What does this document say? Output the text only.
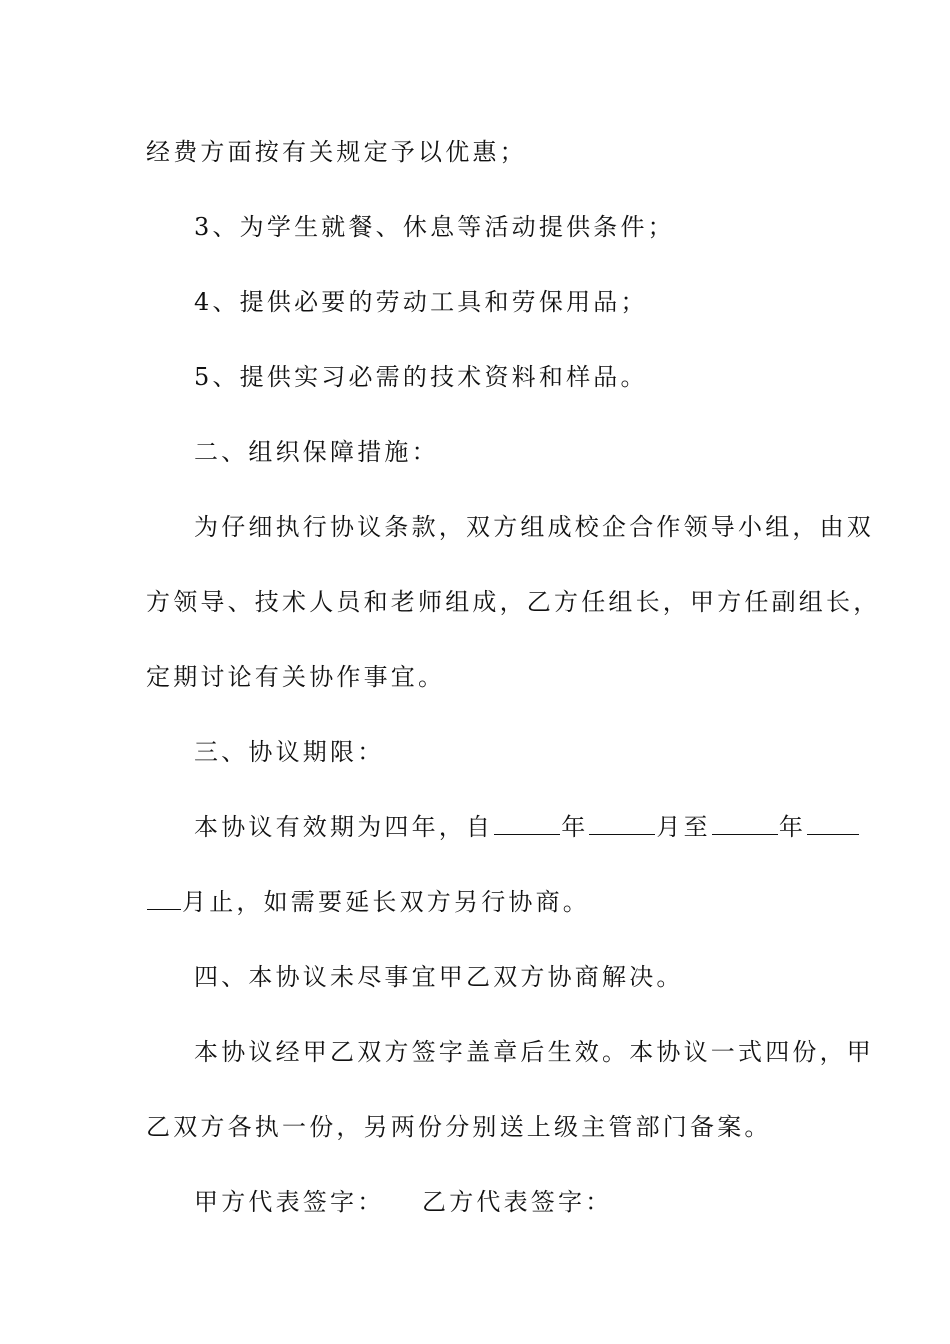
经费方面按有关规定予以优惠；
3、为学生就餐、休息等活动提供条件；
4、提供必要的劳动工具和劳保用品；
5、提供实习必需的技术资料和样品。
二、组织保障措施：
为仔细执行协议条款，双方组成校企合作领导小组，由双
方领导、技术人员和老师组成，乙方任组长，甲方任副组长，
定期讨论有关协作事宜。
三、协议期限：
本协议有效期为四年，自	年	月至	年
月止，如需要延长双方另行协商。
四、本协议未尽事宜甲乙双方协商解决。
本协议经甲乙双方签字盖章后生效。本协议一式四份，甲
乙双方各执一份，另两份分别送上级主管部门备案。
甲方代表签字： 乙方代表签字：
